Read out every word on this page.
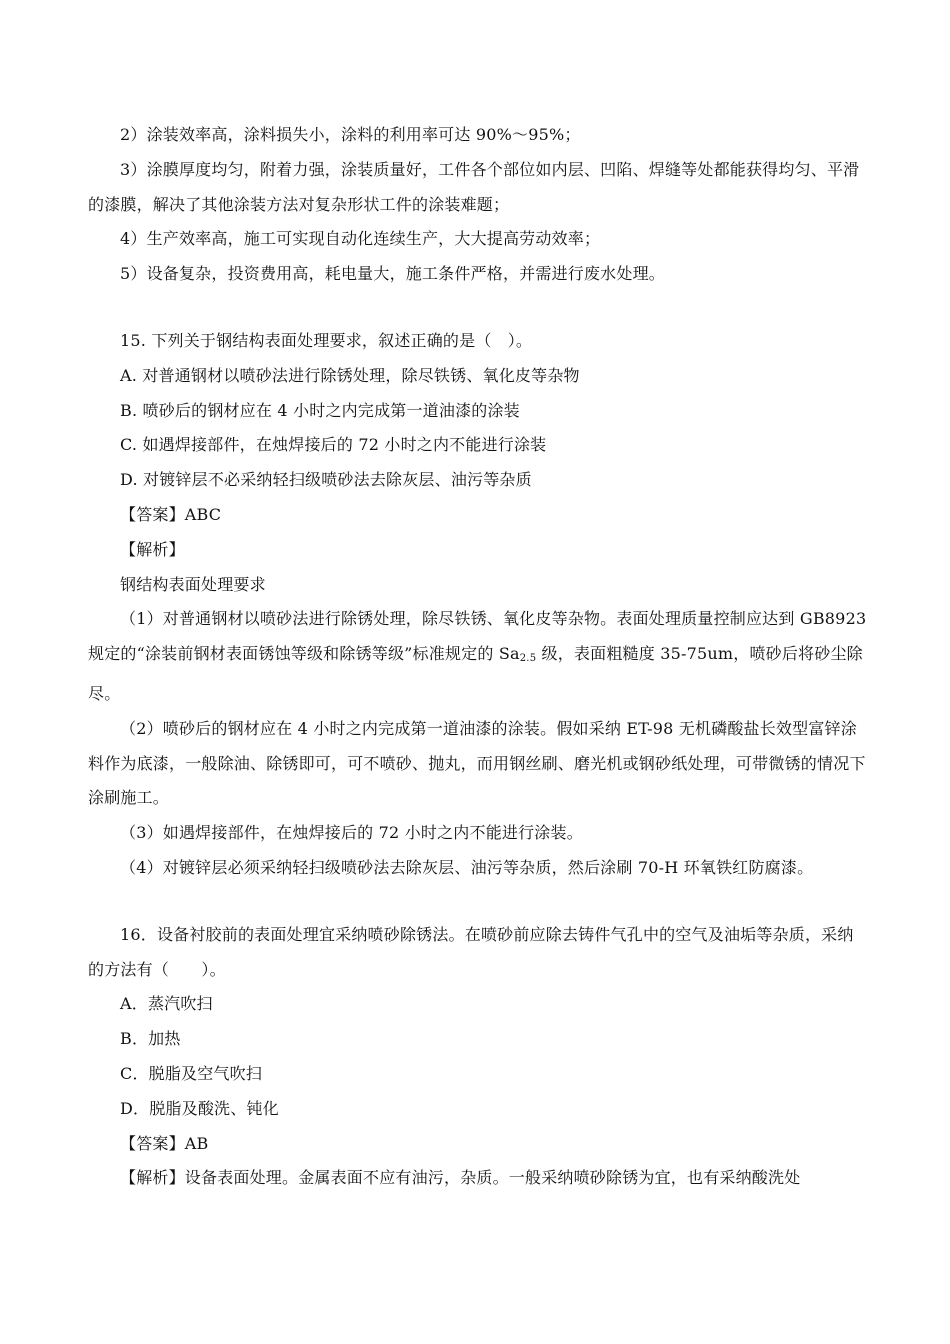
2）涂装效率高，涂料损失小，涂料的利用率可达 90%～95%；

3）涂膜厚度均匀，附着力强，涂装质量好，工件各个部位如内层、凹陷、焊缝等处都能获得均匀、平滑的漆膜，解决了其他涂装方法对复杂形状工件的涂装难题；

4）生产效率高，施工可实现自动化连续生产，大大提高劳动效率；

5）设备复杂，投资费用高，耗电量大，施工条件严格，并需进行废水处理。

15. 下列关于钢结构表面处理要求，叙述正确的是（　）。

A. 对普通钢材以喷砂法进行除锈处理，除尽铁锈、氧化皮等杂物

B. 喷砂后的钢材应在 4 小时之内完成第一道油漆的涂装

C. 如遇焊接部件，在烛焊接后的 72 小时之内不能进行涂装

D. 对镀锌层不必采纳轻扫级喷砂法去除灰层、油污等杂质

【答案】ABC

【解析】

钢结构表面处理要求

（1）对普通钢材以喷砂法进行除锈处理，除尽铁锈、氧化皮等杂物。表面处理质量控制应达到 GB8923 规定的“涂装前钢材表面锈蚀等级和除锈等级”标准规定的 $Sa_{2.5}$ 级，表面粗糙度 35-75um，喷砂后将砂尘除尽。

（2）喷砂后的钢材应在 4 小时之内完成第一道油漆的涂装。假如采纳 ET-98 无机磷酸盐长效型富锌涂料作为底漆，一般除油、除锈即可，可不喷砂、抛丸，而用钢丝刷、磨光机或钢砂纸处理，可带微锈的情况下涂刷施工。

（3）如遇焊接部件，在烛焊接后的 72 小时之内不能进行涂装。

（4）对镀锌层必须采纳轻扫级喷砂法去除灰层、油污等杂质，然后涂刷 70-H 环氧铁红防腐漆。

16．设备衬胶前的表面处理宜采纳喷砂除锈法。在喷砂前应除去铸件气孔中的空气及油垢等杂质，采纳的方法有（　　）。

A．蒸汽吹扫

B．加热

C．脱脂及空气吹扫

D．脱脂及酸洗、钝化

【答案】AB

【解析】设备表面处理。金属表面不应有油污，杂质。一般采纳喷砂除锈为宜，也有采纳酸洗处
